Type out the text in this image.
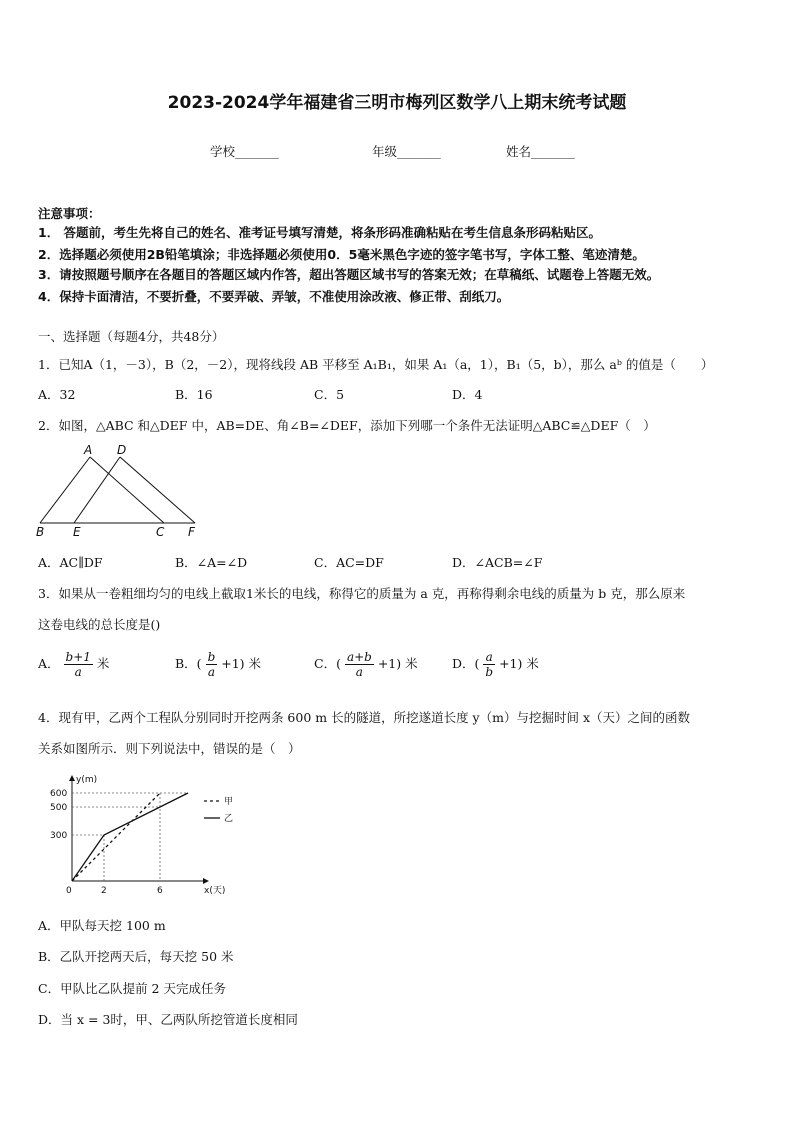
2023-2024学年福建省三明市梅列区数学八上期末统考试题
学校_______	年级_______	姓名_______
注意事项：
1． 答题前，考生先将自己的姓名、准考证号填写清楚，将条形码准确粘贴在考生信息条形码粘贴区。
2．选择题必须使用2B铅笔填涂；非选择题必须使用0．5毫米黑色字迹的签字笔书写，字体工整、笔迹清楚。
3．请按照题号顺序在各题目的答题区域内作答，超出答题区域书写的答案无效；在草稿纸、试题卷上答题无效。
4．保持卡面清洁，不要折叠，不要弄破、弄皱，不准使用涂改液、修正带、刮纸刀。
一、选择题（每题4分，共48分）
1．已知A（1，－3），B（2，－2），现将线段 AB 平移至 A₁B₁，如果 A₁（a，1），B₁（5，b），那么 aᵇ 的值是（　　）
A．32	B．16	C．5	D．4
2．如图，△ABC 和△DEF 中，AB=DE、角∠B=∠DEF，添加下列哪一个条件无法证明△ABC≌△DEF（　）
A D
B E	C F
A．AC∥DF	B．∠A=∠D	C．AC=DF	D．∠ACB=∠F
3．如果从一卷粗细均匀的电线上截取1米长的电线，称得它的质量为 a 克，再称得剩余电线的质量为 b 克，那么原来
这卷电线的总长度是()
A． $\frac{b+1}{a}$ 米	B．( $\frac{b}{a} +1$) 米	C．( $\frac{a+b}{a} +1$) 米	D．( $\frac{a}{b} +1$) 米
4．现有甲，乙两个工程队分别同时开挖两条 600 m 长的隧道，所挖遂道长度 y（m）与挖掘时间 x（天）之间的函数
关系如图所示．则下列说法中，错误的是（　）
y(m)
600
500
300
0	2	6	x(天)
甲
乙
A．甲队每天挖 100 m
B．乙队开挖两天后，每天挖 50 米
C．甲队比乙队提前 2 天完成任务
D．当 x = 3时，甲、乙两队所挖管道长度相同
